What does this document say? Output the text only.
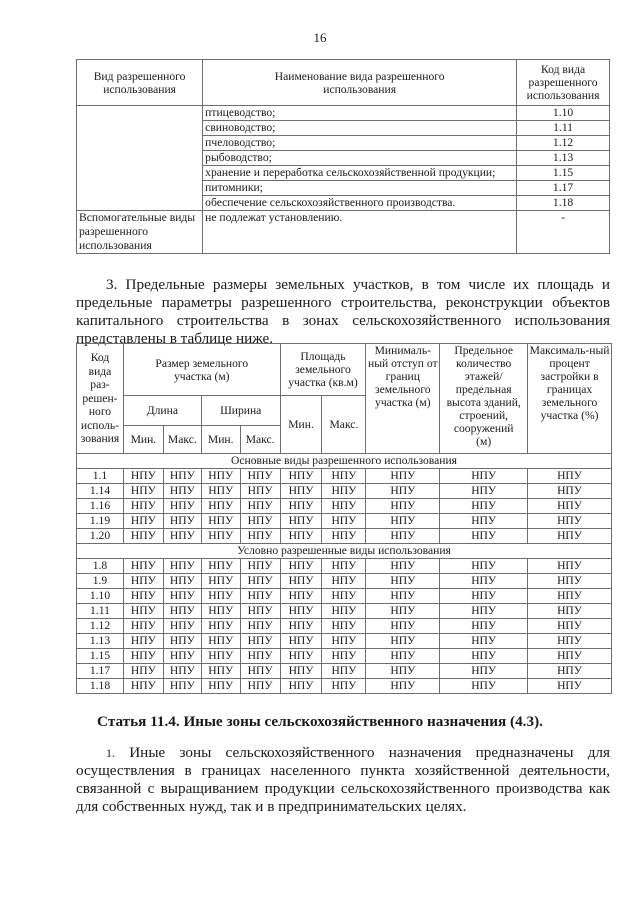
16
Вид разрешенного использования	Наименование вида разрешенного использования	Код вида разрешенного использования
	птицеводство;	1.10
	свиноводство;	1.11
	пчеловодство;	1.12
	рыбоводство;	1.13
	хранение и переработка сельскохозяйственной продукции;	1.15
	питомники;	1.17
	обеспечение сельскохозяйственного производства.	1.18
Вспомогательные виды разрешенного использования	не подлежат установлению.	-
3. Предельные размеры земельных участков, в том числе их площадь и предельные параметры разрешенного строительства, реконструкции объектов капитального строительства в зонах сельскохозяйственного использования представлены в таблице ниже.
Код
вида
раз-
решен-
ного
исполь-
зования	Размер земельного участка (м)	Площадь земельного участка (кв.м)	Минималь-ный отступ от границ земельного участка (м)	Предельное количество этажей/ предельная высота зданий, строений, сооружений (м)	Максималь-ный процент застройки в границах земельного участка (%)
	Длина		Ширина		Мин.	Макс.			
	Мин.	Макс.	Мин.	Макс.					
Основные виды разрешенного использования									
1.1	НПУ	НПУ	НПУ	НПУ	НПУ	НПУ	НПУ	НПУ	НПУ
1.14	НПУ	НПУ	НПУ	НПУ	НПУ	НПУ	НПУ	НПУ	НПУ
1.16	НПУ	НПУ	НПУ	НПУ	НПУ	НПУ	НПУ	НПУ	НПУ
1.19	НПУ	НПУ	НПУ	НПУ	НПУ	НПУ	НПУ	НПУ	НПУ
1.20	НПУ	НПУ	НПУ	НПУ	НПУ	НПУ	НПУ	НПУ	НПУ
Условно разрешенные виды использования									
1.8	НПУ	НПУ	НПУ	НПУ	НПУ	НПУ	НПУ	НПУ	НПУ
1.9	НПУ	НПУ	НПУ	НПУ	НПУ	НПУ	НПУ	НПУ	НПУ
1.10	НПУ	НПУ	НПУ	НПУ	НПУ	НПУ	НПУ	НПУ	НПУ
1.11	НПУ	НПУ	НПУ	НПУ	НПУ	НПУ	НПУ	НПУ	НПУ
1.12	НПУ	НПУ	НПУ	НПУ	НПУ	НПУ	НПУ	НПУ	НПУ
1.13	НПУ	НПУ	НПУ	НПУ	НПУ	НПУ	НПУ	НПУ	НПУ
1.15	НПУ	НПУ	НПУ	НПУ	НПУ	НПУ	НПУ	НПУ	НПУ
1.17	НПУ	НПУ	НПУ	НПУ	НПУ	НПУ	НПУ	НПУ	НПУ
1.18	НПУ	НПУ	НПУ	НПУ	НПУ	НПУ	НПУ	НПУ	НПУ
Статья 11.4. Иные зоны сельскохозяйственного назначения (4.3).
1. Иные зоны сельскохозяйственного назначения предназначены для осуществления в границах населенного пункта хозяйственной деятельности, связанной с выращиванием продукции сельскохозяйственного производства как для собственных нужд, так и в предпринимательских целях.
